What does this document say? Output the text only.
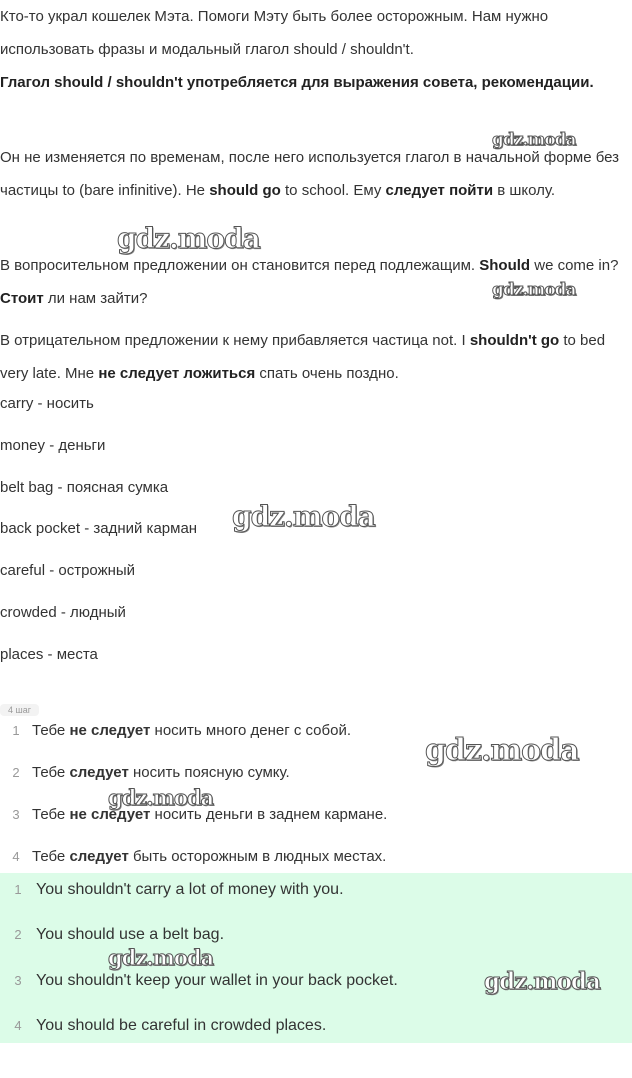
Кто-то украл кошелек Мэта. Помоги Мэту быть более осторожным. Нам нужно использовать фразы и модальный глагол should / shouldn't.

Глагол should / shouldn't употребляется для выражения совета, рекомендации.

Он не изменяется по временам, после него используется глагол в начальной форме без частицы to (bare infinitive). Не should go to school. Ему следует пойти в школу.

В вопросительном предложении он становится перед подлежащим. Should we come in? Стоит ли нам зайти?

В отрицательном предложении к нему прибавляется частица not. I shouldn't go to bed very late. Мне не следует ложиться спать очень поздно.

carry - носить
money - деньги
belt bag - поясная сумка
back pocket - задний карман
careful - острожный
crowded - людный
places - места
4 шаг
1 Тебе не следует носить много денег с собой.
2 Тебе следует носить поясную сумку.
3 Тебе не следует носить деньги в заднем кармане.
4 Тебе следует быть осторожным в людных местах.
1 You shouldn't carry a lot of money with you.
2 You should use a belt bag.
3 You shouldn't keep your wallet in your back pocket.
4 You should be careful in crowded places.
gdz.moda
gdz.moda
gdz.moda
gdz.moda
gdz.moda
gdz.moda
gdz.moda
gdz.moda
